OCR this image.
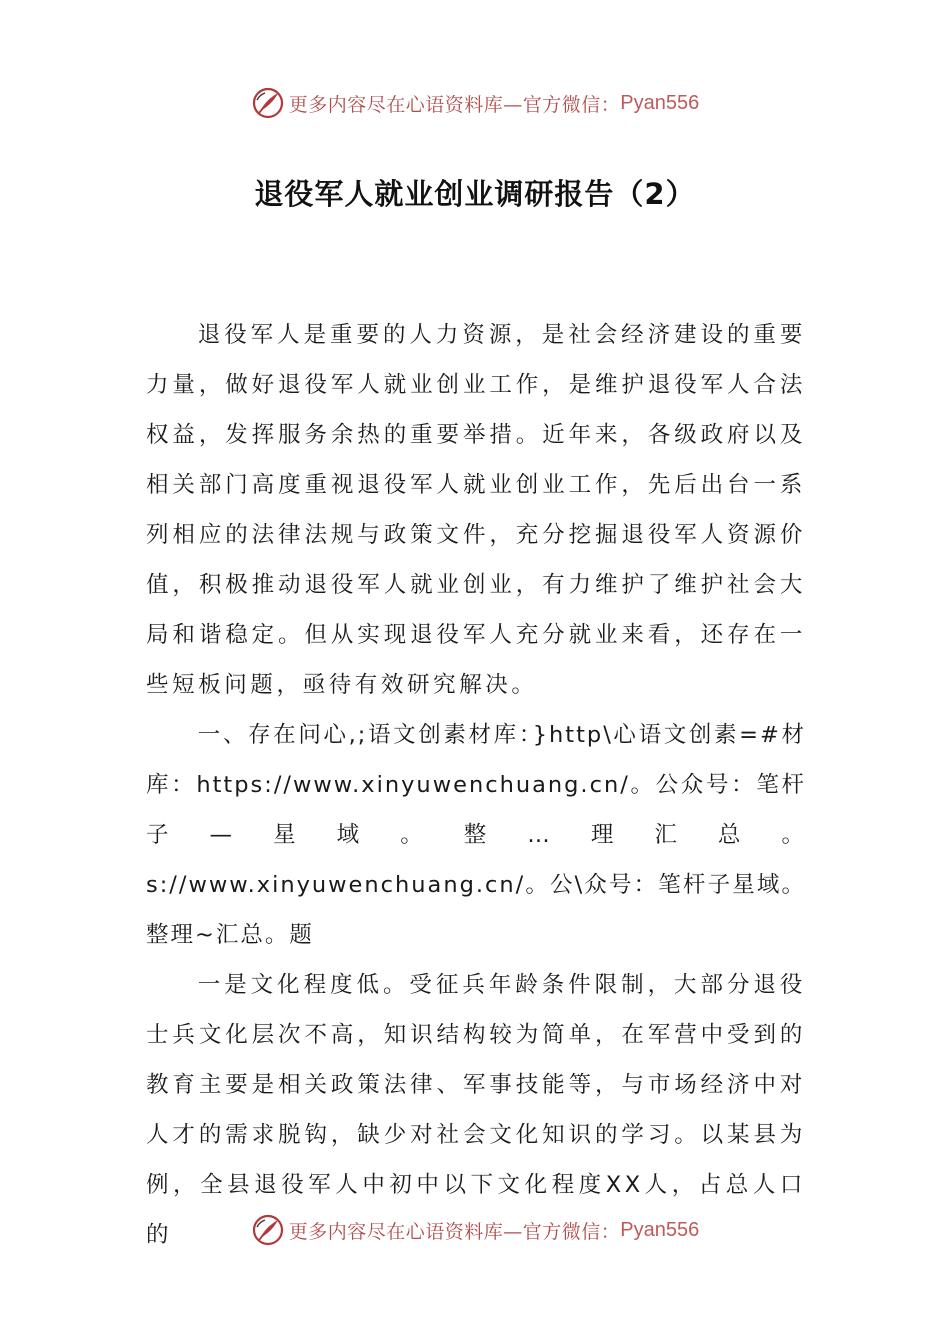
更多内容尽在心语资料库—官方微信： Pyan556
退役军人就业创业调研报告（2）

退役军人是重要的人力资源，是社会经济建设的重要力量，做好退役军人就业创业工作，是维护退役军人合法权益，发挥服务余热的重要举措。近年来，各级政府以及相关部门高度重视退役军人就业创业工作，先后出台一系列相应的法律法规与政策文件，充分挖掘退役军人资源价值，积极推动退役军人就业创业，有力维护了维护社会大局和谐稳定。但从实现退役军人充分就业来看，还存在一些短板问题，亟待有效研究解决。

一、存在问心,;语文创素材库：}http\心语文创素=#材库：https://www.xinyuwenchuang.cn/。公众号：笔杆子—星域。整…理汇总。s://www.xinyuwenchuang.cn/。公\众号：笔杆子星域。整理~汇总。题

一是文化程度低。受征兵年龄条件限制，大部分退役士兵文化层次不高，知识结构较为简单，在军营中受到的教育主要是相关政策法律、军事技能等，与市场经济中对人才的需求脱钩，缺少对社会文化知识的学习。以某县为例，全县退役军人中初中以下文化程度XX人，占总人口的	更多内容尽在心语资料库—官方微信： Pyan556
